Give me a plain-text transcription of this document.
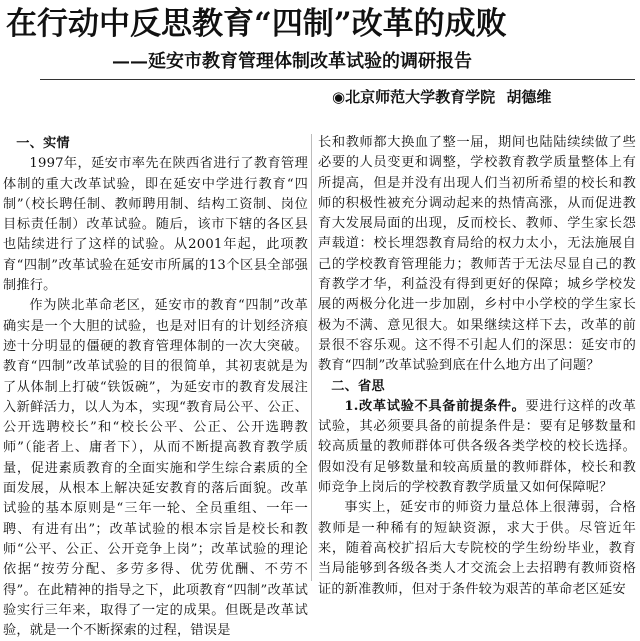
在行动中反思教育“四制”改革的成败
——延安市教育管理体制改革试验的调研报告
◉北京师范大学教育学院 胡德维

一、实情

1997年，延安市率先在陕西省进行了教育管理体制的重大改革试验，即在延安中学进行教育“四制”（校长聘任制、教师聘用制、结构工资制、岗位目标责任制）改革试验。随后，该市下辖的各区县也陆续进行了这样的试验。从2001年起，此项教育“四制”改革试验在延安市所属的13个区县全部强制推行。

作为陕北革命老区，延安市的教育“四制”改革确实是一个大胆的试验，也是对旧有的计划经济痕迹十分明显的僵硬的教育管理体制的一次大突破。教育“四制”改革试验的目的很简单，其初衷就是为了从体制上打破“铁饭碗”，为延安市的教育发展注入新鲜活力，以人为本，实现“教育局公平、公正、公开选聘校长”和“校长公平、公正、公开选聘教师”（能者上、庸者下），从而不断提高教育教学质量，促进素质教育的全面实施和学生综合素质的全面发展，从根本上解决延安教育的落后面貌。改革试验的基本原则是“三年一轮、全员重组、一年一聘、有进有出”；改革试验的根本宗旨是校长和教师“公平、公正、公开竞争上岗”；改革试验的理论依据“按劳分配、多劳多得、优劳优酬、不劳不得”。在此精神的指导之下，此项教育“四制”改革试验实行三年来，取得了一定的成果。但既是改革试验，就是一个不断探索的过程，错误是

长和教师都大换血了整一届，期间也陆陆续续做了些必要的人员变更和调整，学校教育教学质量整体上有所提高，但是并没有出现人们当初所希望的校长和教师的积极性被充分调动起来的热情高涨，从而促进教育大发展局面的出现，反而校长、教师、学生家长怨声载道：校长埋怨教育局给的权力太小，无法施展自己的学校教育管理能力；教师苦于无法尽显自己的教育教学才华，利益没有得到更好的保障；城乡学校发展的两极分化进一步加剧，乡村中小学校的学生家长极为不满、意见很大。如果继续这样下去，改革的前景很不容乐观。这不得不引起人们的深思：延安市的教育“四制”改革试验到底在什么地方出了问题？

二、省思

1.改革试验不具备前提条件。要进行这样的改革试验，其必须要具备的前提条件是：要有足够数量和较高质量的教师群体可供各级各类学校的校长选择。假如没有足够数量和较高质量的教师群体，校长和教师竞争上岗后的学校教育教学质量又如何保障呢？

事实上，延安市的师资力量总体上很薄弱，合格教师是一种稀有的短缺资源，求大于供。尽管近年来，随着高校扩招后大专院校的学生纷纷毕业，教育当局能够到各级各类人才交流会上去招聘有教师资格证的新准教师，但对于条件较为艰苦的革命老区延安
